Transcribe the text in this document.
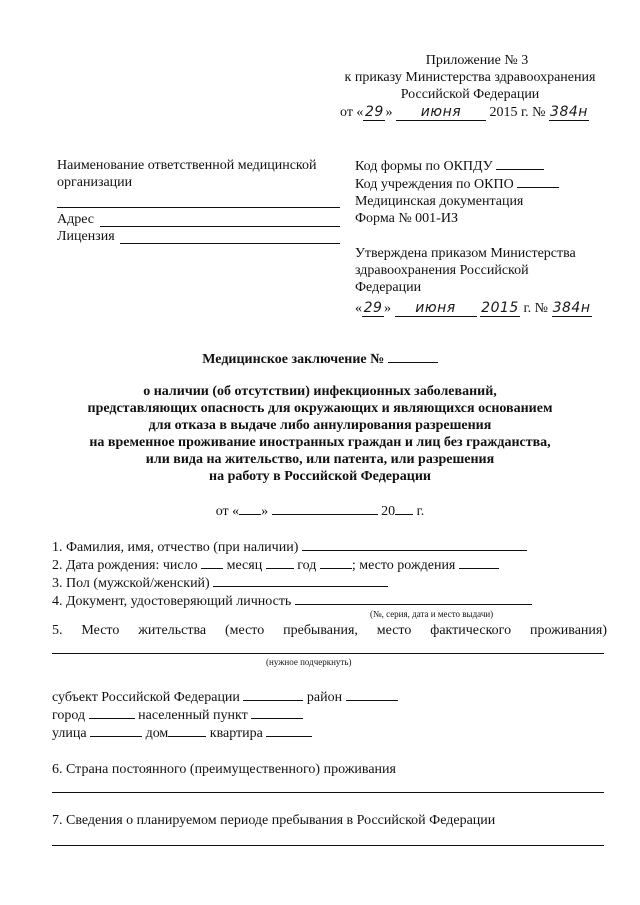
Приложение № 3
к приказу Министерства здравоохранения
Российской Федерации
от « 29 » июня 2015 г. № 384н
Наименование ответственной медицинской
организации
Адрес
Лицензия
Код формы по ОКПДУ
Код учреждения по ОКПО
Медицинская документация
Форма № 001-ИЗ
Утверждена приказом Министерства
здравоохранения Российской
Федерации
« 29 » июня 2015 г. № 384н
Медицинское заключение №
о наличии (об отсутствии) инфекционных заболеваний,
представляющих опасность для окружающих и являющихся основанием
для отказа в выдаче либо аннулирования разрешения
на временное проживание иностранных граждан и лиц без гражданства,
или вида на жительство, или патента, или разрешения
на работу в Российской Федерации
от « »	20 г.
1. Фамилия, имя, отчество (при наличии)
2. Дата рождения: число месяц	год	; место рождения
3. Пол (мужской/женский)
4. Документ, удостоверяющий личность
(№, серия, дата и место выдачи)
5. Место жительства (место пребывания, место фактического проживания)
(нужное подчеркнуть)
субъект Российской Федерации	район
город	населенный пункт
улица	дом	квартира
6. Страна постоянного (преимущественного) проживания
7. Сведения о планируемом периоде пребывания в Российской Федерации
